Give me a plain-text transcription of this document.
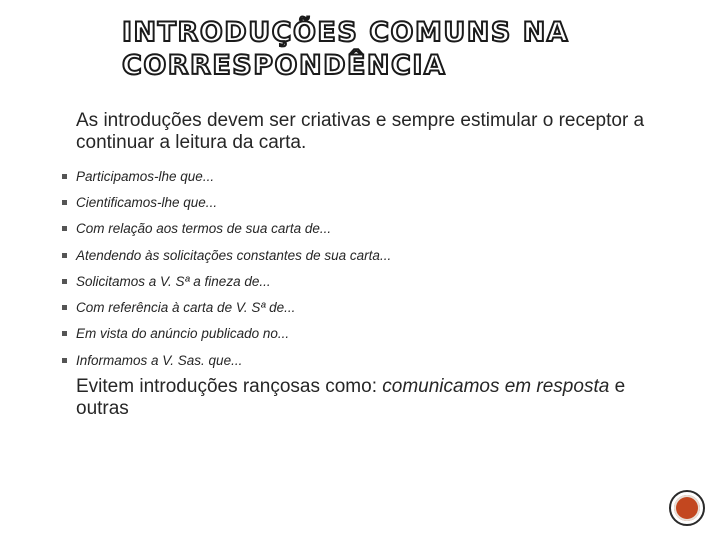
INTRODUÇÕES COMUNS NA CORRESPONDÊNCIA

As introduções devem ser criativas e sempre estimular o receptor a continuar a leitura da carta.

Participamos-lhe que...
Cientificamos-lhe que...
Com relação aos termos de sua carta de...
Atendendo às solicitações constantes de sua carta...
Solicitamos a V. Sª a fineza de...
Com referência à carta de V. Sª de...
Em vista do anúncio publicado no...
Informamos a V. Sas. que...

Evitem introduções rançosas como: comunicamos em resposta e outras
